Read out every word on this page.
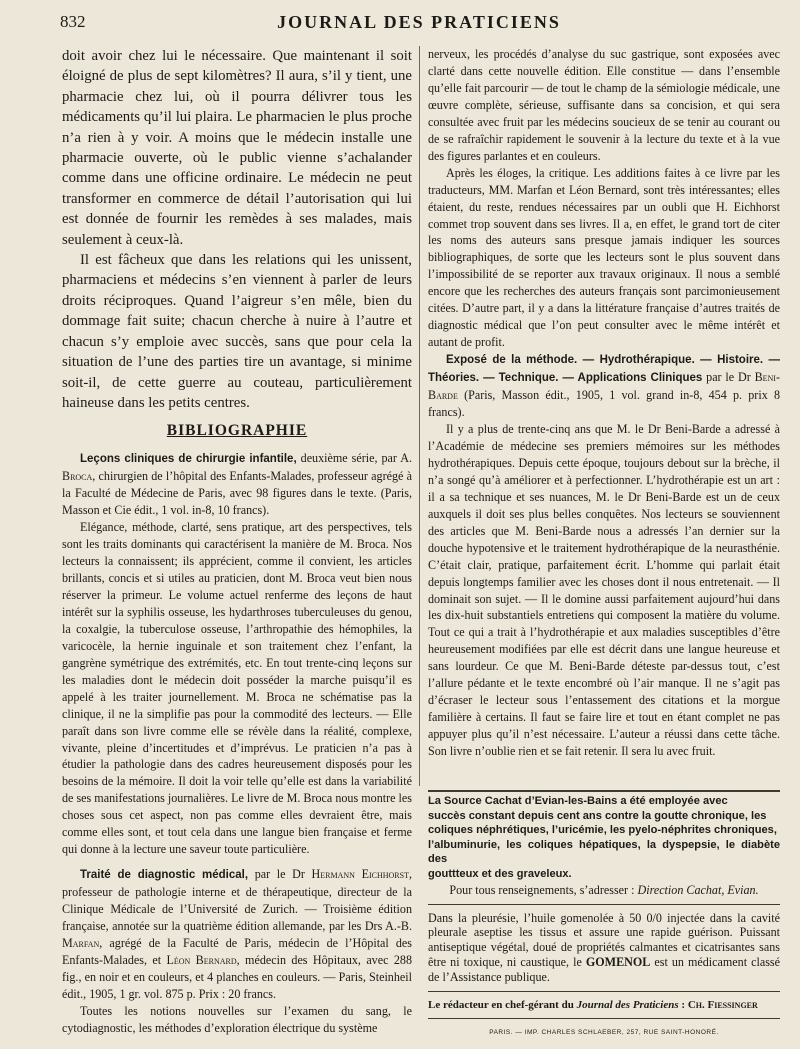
832	JOURNAL DES PRATICIENS

doit avoir chez lui le nécessaire. Que maintenant il soit éloigné de plus de sept kilomètres? Il aura, s’il y tient, une pharmacie chez lui, où il pourra délivrer tous les médicaments qu’il lui plaira. Le pharmacien le plus proche n’a rien à y voir. A moins que le médecin installe une pharmacie ouverte, où le public vienne s’achalander comme dans une officine ordinaire. Le médecin ne peut transformer en commerce de détail l’autorisation qui lui est donnée de fournir les remèdes à ses malades, mais seulement à ceux-là.

Il est fâcheux que dans les relations qui les unissent, pharmaciens et médecins s’en viennent à parler de leurs droits réciproques. Quand l’aigreur s’en mêle, bien du dommage fait suite; chacun cherche à nuire à l’autre et chacun s’y emploie avec succès, sans que pour cela la situation de l’une des parties tire un avantage, si minime soit-il, de cette guerre au couteau, particulièrement haineuse dans les petits centres.

BIBLIOGRAPHIE

Leçons cliniques de chirurgie infantile, deuxième série, par A. Broca, chirurgien de l’hôpital des Enfants-Malades, professeur agrégé à la Faculté de Médecine de Paris, avec 98 figures dans le texte. (Paris, Masson et Cie édit., 1 vol. in-8, 10 francs).

Elégance, méthode, clarté, sens pratique, art des perspectives, tels sont les traits dominants qui caractérisent la manière de M. Broca. Nos lecteurs la connaissent; ils apprécient, comme il convient, les articles brillants, concis et si utiles au praticien, dont M. Broca veut bien nous réserver la primeur. Le volume actuel renferme des leçons de haut intérêt sur la syphilis osseuse, les hydarthroses tuberculeuses du genou, la coxalgie, la tuberculose osseuse, l’arthropathie des hémophiles, la varicocèle, la hernie inguinale et son traitement chez l’enfant, la gangrène symétrique des extrémités, etc. En tout trente-cinq leçons sur les maladies dont le médecin doit posséder la marche puisqu’il es appelé à les traiter journellement. M. Broca ne schématise pas la clinique, il ne la simplifie pas pour la commodité des lecteurs. — Elle paraît dans son livre comme elle se révèle dans la réalité, complexe, vivante, pleine d’incertitudes et d’imprévus. Le praticien n’a pas à étudier la pathologie dans des cadres heureusement disposés pour les besoins de la mémoire. Il doit la voir telle qu’elle est dans la variabilité de ses manifestations journalières. Le livre de M. Broca nous montre les choses sous cet aspect, non pas comme elles devraient être, mais comme elles sont, et tout cela dans une langue bien française et ferme qui donne à la lecture une saveur toute particulière.

Traité de diagnostic médical, par le Dr Hermann Eichhorst, professeur de pathologie interne et de thérapeutique, directeur de la Clinique Médicale de l’Université de Zurich. — Troisième édition française, annotée sur la quatrième édition allemande, par les Drs A.-B. Marfan, agrégé de la Faculté de Paris, médecin de l’Hôpital des Enfants-Malades, et Léon Bernard, médecin des Hôpitaux, avec 288 fig., en noir et en couleurs, et 4 planches en couleurs. — Paris, Steinheil édit., 1905, 1 gr. vol. 875 p. Prix : 20 francs.

Toutes les notions nouvelles sur l’examen du sang, le cytodiagnostic, les méthodes d’exploration électrique du système

nerveux, les procédés d’analyse du suc gastrique, sont exposées avec clarté dans cette nouvelle édition. Elle constitue — dans l’ensemble qu’elle fait parcourir — de tout le champ de la sémiologie médicale, une œuvre complète, sérieuse, suffisante dans sa concision, et qui sera consultée avec fruit par les médecins soucieux de se tenir au courant ou de se rafraîchir rapidement le souvenir à la lecture du texte et à la vue des figures parlantes et en couleurs.

Après les éloges, la critique. Les additions faites à ce livre par les traducteurs, MM. Marfan et Léon Bernard, sont très intéressantes; elles étaient, du reste, rendues nécessaires par un oubli que H. Eichhorst commet trop souvent dans ses livres. Il a, en effet, le grand tort de citer les noms des auteurs sans presque jamais indiquer les sources bibliographiques, de sorte que les lecteurs sont le plus souvent dans l’impossibilité de se reporter aux travaux originaux. Il nous a semblé encore que les recherches des auteurs français sont parcimonieusement citées. D’autre part, il y a dans la littérature française d’autres traités de diagnostic médical que l’on peut consulter avec le même intérêt et autant de profit.

Exposé de la méthode. — Hydrothérapique. — Histoire. — Théories. — Technique. — Applications Cliniques par le Dr Beni-Barde (Paris, Masson édit., 1905, 1 vol. grand in-8, 454 p. prix 8 francs).

Il y a plus de trente-cinq ans que M. le Dr Beni-Barde a adressé à l’Académie de médecine ses premiers mémoires sur les méthodes hydrothérapiques. Depuis cette époque, toujours debout sur la brèche, il n’a songé qu’à améliorer et à perfectionner. L’hydrothérapie est un art : il a sa technique et ses nuances, M. le Dr Beni-Barde est un de ceux auxquels il doit ses plus belles conquêtes. Nos lecteurs se souviennent des articles que M. Beni-Barde nous a adressés l’an dernier sur la douche hypotensive et le traitement hydrothérapique de la neurasthénie. C’était clair, pratique, parfaitement écrit. L’homme qui parlait était depuis longtemps familier avec les choses dont il nous entretenait. — Il dominait son sujet. — Il le domine aussi parfaitement aujourd’hui dans les dix-huit substantiels entretiens qui composent la matière du volume. Tout ce qui a trait à l’hydrothérapie et aux maladies susceptibles d’être heureusement modifiées par elle est décrit dans une langue heureuse et sans lourdeur. Ce que M. Beni-Barde déteste par-dessus tout, c’est l’allure pédante et le texte encombré où l’air manque. Il ne s’agit pas d’écraser le lecteur sous l’entassement des citations et la morgue familière à certains. Il faut se faire lire et tout en étant complet ne pas appuyer plus qu’il n’est nécessaire. L’auteur a réussi dans cette tâche. Son livre n’oublie rien et se fait retenir. Il sera lu avec fruit.

La Source Cachat d’Evian-les-Bains a été employée avec
succès constant depuis cent ans contre la goutte chronique, les
coliques néphrétiques, l’uricémie, les pyelo-néphrites chroniques,
l’albuminurie, les coliques hépatiques, la dyspepsie, le diabète des
gouttteux et des graveleux.
Pour tous renseignements, s’adresser : Direction Cachat, Evian.
Dans la pleurésie, l’huile gomenolée à 50 0/0 injectée dans la cavité pleurale aseptise les tissus et assure une rapide guérison. Puissant antiseptique végétal, doué de propriétés calmantes et cicatrisantes sans être ni toxique, ni caustique, le GOMENOL est un médicament classé de l’Assistance publique.
Le rédacteur en chef-gérant du Journal des Praticiens : Ch. Fiessinger
PARIS. — IMP. CHARLES SCHLAEBER, 257, RUE SAINT-HONORÉ.
